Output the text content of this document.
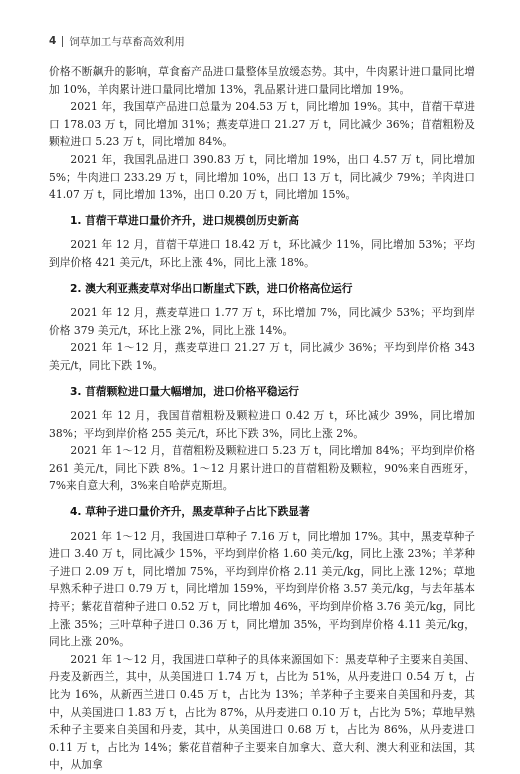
4 饲草加工与草畜高效利用

价格不断飙升的影响，草食畜产品进口量整体呈放缓态势。其中，牛肉累计进口量同比增加 10%，羊肉累计进口量同比增加 13%，乳品累计进口量同比增加 19%。

2021 年，我国草产品进口总量为 204.53 万 t，同比增加 19%。其中，苜蓿干草进口 178.03 万 t，同比增加 31%；燕麦草进口 21.27 万 t，同比减少 36%；苜蓿粗粉及颗粒进口 5.23 万 t，同比增加 84%。

2021 年，我国乳品进口 390.83 万 t，同比增加 19%，出口 4.57 万 t，同比增加 5%；牛肉进口 233.29 万 t，同比增加 10%，出口 13 万 t，同比减少 79%；羊肉进口 41.07 万 t，同比增加 13%，出口 0.20 万 t，同比增加 15%。

1. 苜蓿干草进口量价齐升，进口规模创历史新高

2021 年 12 月，苜蓿干草进口 18.42 万 t，环比减少 11%，同比增加 53%；平均到岸价格 421 美元/t，环比上涨 4%，同比上涨 18%。

2. 澳大利亚燕麦草对华出口断崖式下跌，进口价格高位运行

2021 年 12 月，燕麦草进口 1.77 万 t，环比增加 7%，同比减少 53%；平均到岸价格 379 美元/t，环比上涨 2%，同比上涨 14%。

2021 年 1～12 月，燕麦草进口 21.27 万 t，同比减少 36%；平均到岸价格 343 美元/t，同比下跌 1%。

3. 苜蓿颗粒进口量大幅增加，进口价格平稳运行

2021 年 12 月，我国苜蓿粗粉及颗粒进口 0.42 万 t，环比减少 39%，同比增加 38%；平均到岸价格 255 美元/t，环比下跌 3%，同比上涨 2%。

2021 年 1～12 月，苜蓿粗粉及颗粒进口 5.23 万 t，同比增加 84%；平均到岸价格 261 美元/t，同比下跌 8%。1～12 月累计进口的苜蓿粗粉及颗粒，90%来自西班牙，7%来自意大利，3%来自哈萨克斯坦。

4. 草种子进口量价齐升，黑麦草种子占比下跌显著

2021 年 1～12 月，我国进口草种子 7.16 万 t，同比增加 17%。其中，黑麦草种子进口 3.40 万 t，同比减少 15%，平均到岸价格 1.60 美元/kg，同比上涨 23%；羊茅种子进口 2.09 万 t，同比增加 75%，平均到岸价格 2.11 美元/kg，同比上涨 12%；草地早熟禾种子进口 0.79 万 t，同比增加 159%，平均到岸价格 3.57 美元/kg，与去年基本持平；紫花苜蓿种子进口 0.52 万 t，同比增加 46%，平均到岸价格 3.76 美元/kg，同比上涨 35%；三叶草种子进口 0.36 万 t，同比增加 35%，平均到岸价格 4.11 美元/kg，同比上涨 20%。

2021 年 1～12 月，我国进口草种子的具体来源国如下：黑麦草种子主要来自美国、丹麦及新西兰，其中，从美国进口 1.74 万 t，占比为 51%，从丹麦进口 0.54 万 t，占比为 16%，从新西兰进口 0.45 万 t，占比为 13%；羊茅种子主要来自美国和丹麦，其中，从美国进口 1.83 万 t，占比为 87%，从丹麦进口 0.10 万 t，占比为 5%；草地早熟禾种子主要来自美国和丹麦，其中，从美国进口 0.68 万 t，占比为 86%，从丹麦进口 0.11 万 t，占比为 14%；紫花苜蓿种子主要来自加拿大、意大利、澳大利亚和法国，其中，从加拿
